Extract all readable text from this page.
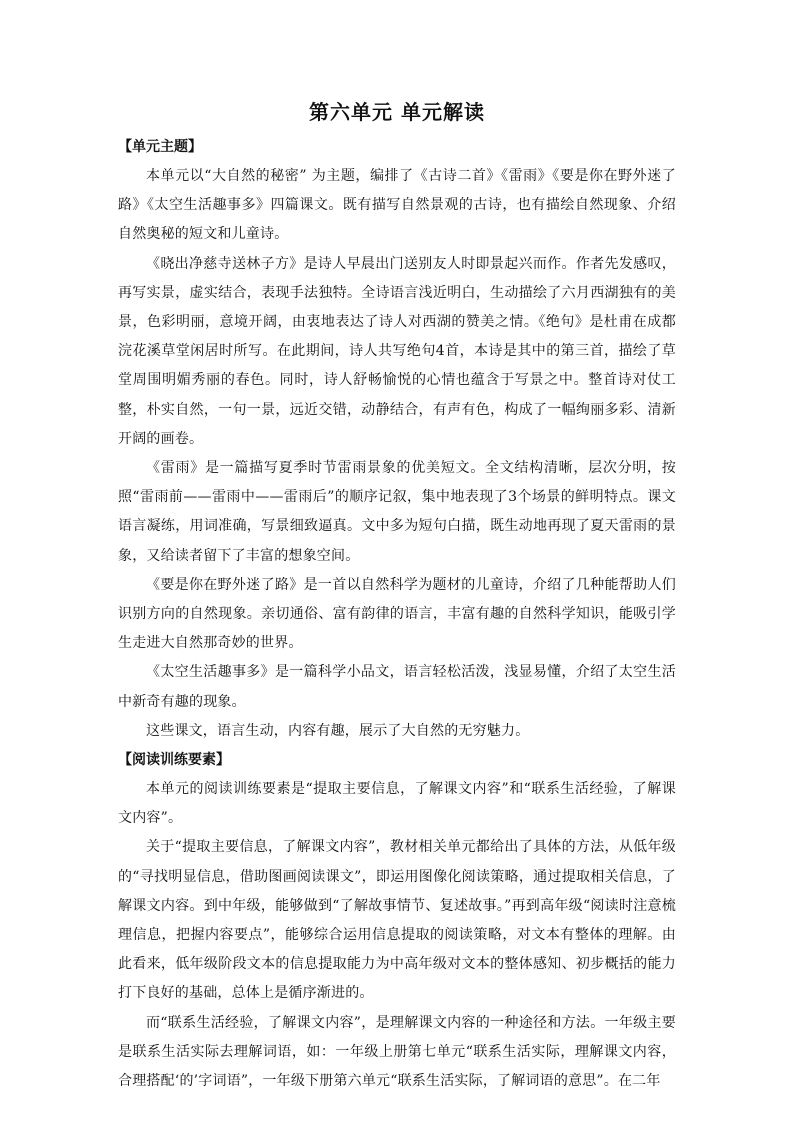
第六单元 单元解读

【单元主题】

本单元以“大自然的秘密” 为主题，编排了《古诗二首》《雷雨》《要是你在野外迷了路》《太空生活趣事多》四篇课文。既有描写自然景观的古诗，也有描绘自然现象、介绍自然奥秘的短文和儿童诗。

《晓出净慈寺送林子方》是诗人早晨出门送别友人时即景起兴而作。作者先发感叹，再写实景，虚实结合，表现手法独特。全诗语言浅近明白，生动描绘了六月西湖独有的美景，色彩明丽，意境开阔，由衷地表达了诗人对西湖的赞美之情。《绝句》是杜甫在成都浣花溪草堂闲居时所写。在此期间，诗人共写绝句4首，本诗是其中的第三首，描绘了草堂周围明媚秀丽的春色。同时，诗人舒畅愉悦的心情也蕴含于写景之中。整首诗对仗工整，朴实自然，一句一景，远近交错，动静结合，有声有色，构成了一幅绚丽多彩、清新开阔的画卷。

《雷雨》是一篇描写夏季时节雷雨景象的优美短文。全文结构清晰，层次分明，按照“雷雨前——雷雨中——雷雨后”的顺序记叙，集中地表现了3个场景的鲜明特点。课文语言凝练，用词准确，写景细致逼真。文中多为短句白描，既生动地再现了夏天雷雨的景象，又给读者留下了丰富的想象空间。

《要是你在野外迷了路》是一首以自然科学为题材的儿童诗，介绍了几种能帮助人们识别方向的自然现象。亲切通俗、富有韵律的语言，丰富有趣的自然科学知识，能吸引学生走进大自然那奇妙的世界。

《太空生活趣事多》是一篇科学小品文，语言轻松活泼，浅显易懂，介绍了太空生活中新奇有趣的现象。

这些课文，语言生动，内容有趣，展示了大自然的无穷魅力。

【阅读训练要素】

本单元的阅读训练要素是“提取主要信息，了解课文内容”和“联系生活经验，了解课文内容”。

关于“提取主要信息，了解课文内容”，教材相关单元都给出了具体的方法，从低年级的“寻找明显信息，借助图画阅读课文”，即运用图像化阅读策略，通过提取相关信息，了解课文内容。到中年级，能够做到“了解故事情节、复述故事。”再到高年级“阅读时注意梳理信息，把握内容要点”，能够综合运用信息提取的阅读策略，对文本有整体的理解。由此看来，低年级阶段文本的信息提取能力为中高年级对文本的整体感知、初步概括的能力打下良好的基础，总体上是循序渐进的。

而“联系生活经验，了解课文内容”，是理解课文内容的一种途径和方法。一年级主要是联系生活实际去理解词语，如：一年级上册第七单元“联系生活实际，理解课文内容，合理搭配‘的’字词语”，一年级下册第六单元“联系生活实际，了解词语的意思”。在二年
